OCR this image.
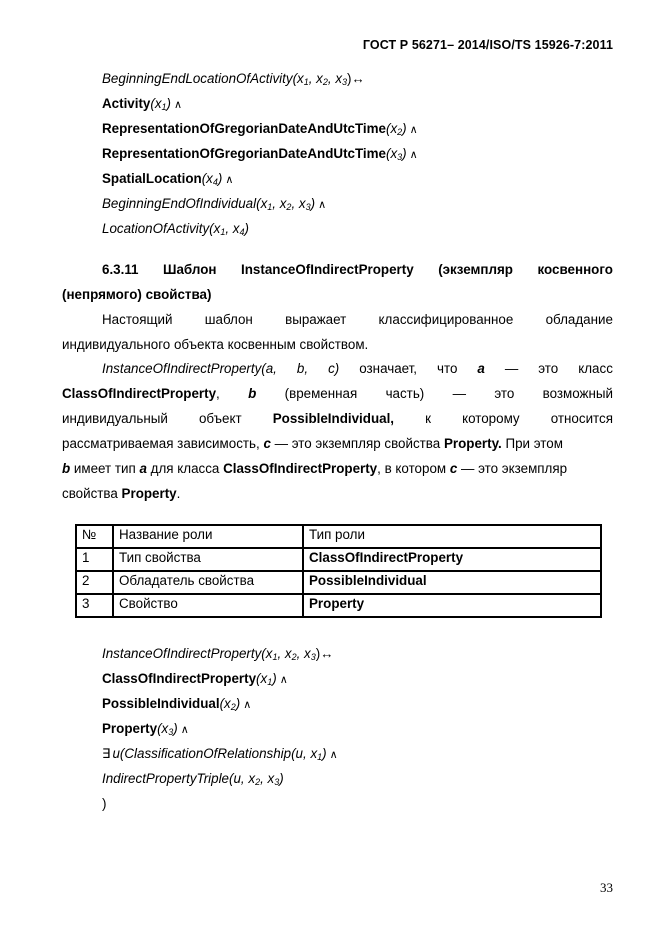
ГОСТ Р 56271– 2014/ISO/TS 15926-7:2011
$BeginningEndLocationOfActivity(x_1$, $x_2$, $x_3)\leftrightarrow$
$Activity(x_1)$ ∧
$RepresentationOfGregorianDateAndUtcTime(x_2)$ ∧
$RepresentationOfGregorianDateAndUtcTime(x_3)$ ∧
$SpatialLocation(x_4)$ ∧
$BeginningEndOfIndividual(x_1$, $x_2$, $x_3$) ∧
$LocationOfActivity(x_1$, $x_4$)
6.3.11 Шаблон InstanceOfIndirectProperty (экземпляр косвенного
(непрямого) свойства)
Настоящий шаблон выражает классифицированное обладание
индивидуального объекта косвенным свойством.
InstanceOfIndirectProperty(a, b, c) означает, что a — это класс
ClassOfIndirectProperty, b (временная часть) — это возможный
индивидуальный объект PossibleIndividual, к которому относится
рассматриваемая зависимость, c — это экземпляр свойства Property. При этом
b имеет тип a для класса ClassOfIndirectProperty, в котором c — это экземпляр
свойства Property.
№	Название роли	Тип роли
1	Тип свойства	ClassOfIndirectProperty
2	Обладатель свойства	PossibleIndividual
3	Свойство	Property
$InstanceOfIndirectProperty(x_1$, $x_2$, $x_3)\leftrightarrow$
$ClassOfIndirectProperty(x_1)$ ∧
$PossibleIndividual(x_2)$ ∧
$Property(x_3)$ ∧
∃ u(ClassificationOfRelationship(u, $x_1$) ∧
IndirectPropertyTriple(u, $x_2$, $x_3$)
)
33
